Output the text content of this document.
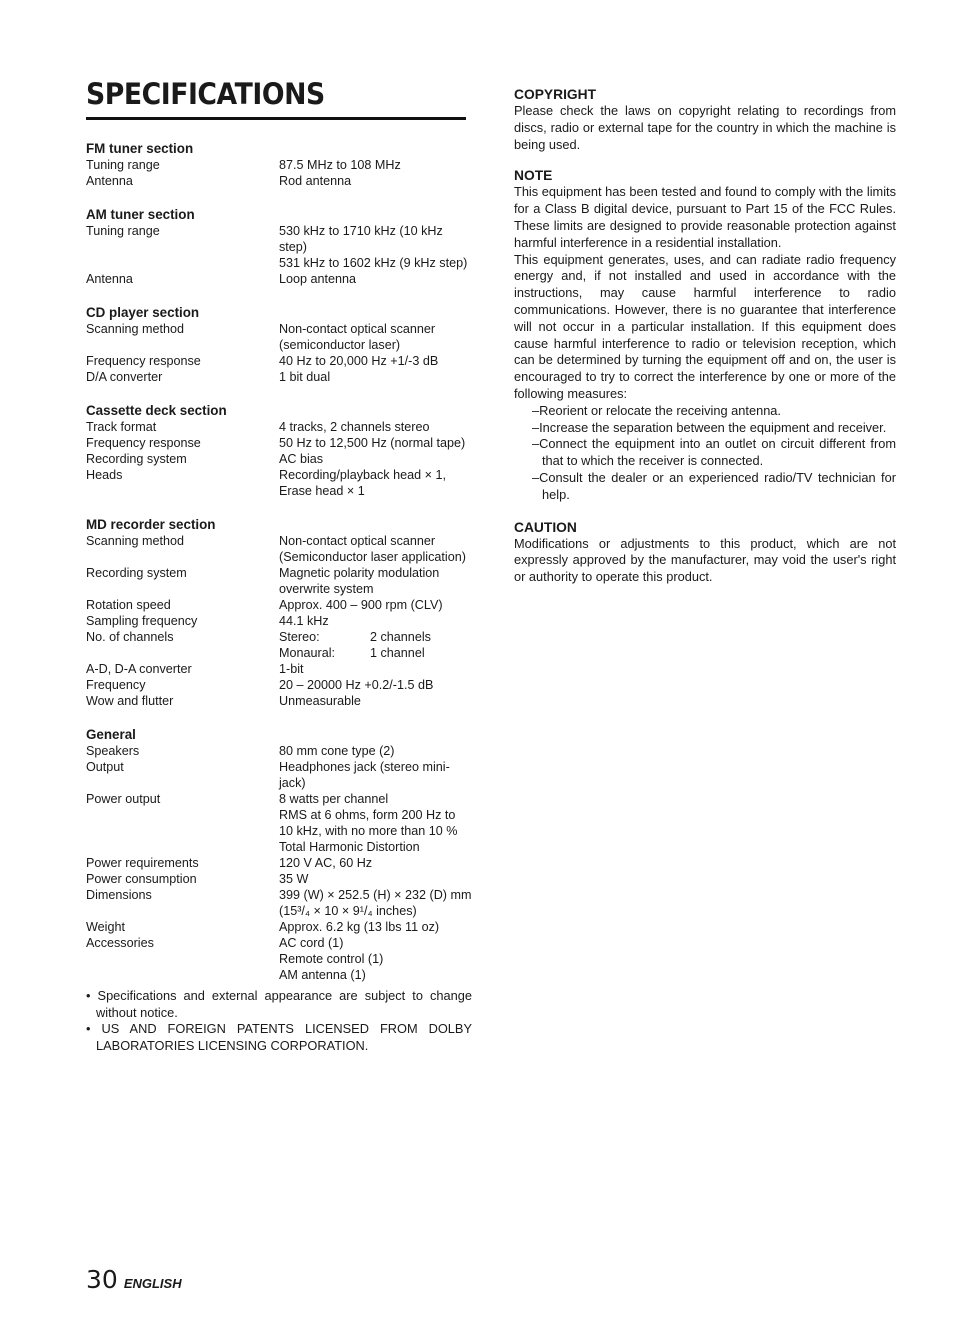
SPECIFICATIONS
FM tuner section
Tuning range	87.5 MHz to 108 MHz
Antenna	Rod antenna
AM tuner section
Tuning range	530 kHz to 1710 kHz (10 kHz step)
531 kHz to 1602 kHz (9 kHz step)
Antenna	Loop antenna
CD player section
Scanning method	Non-contact optical scanner (semiconductor laser)
Frequency response	40 Hz to 20,000 Hz +1/-3 dB
D/A converter	1 bit dual
Cassette deck section
Track format	4 tracks, 2 channels stereo
Frequency response	50 Hz to 12,500 Hz (normal tape)
Recording system	AC bias
Heads	Recording/playback head × 1,
Erase head × 1
MD recorder section
Scanning method	Non-contact optical scanner (Semiconductor laser application)
Recording system	Magnetic polarity modulation overwrite system
Rotation speed	Approx. 400 – 900 rpm (CLV)
Sampling frequency	44.1 kHz
No. of channels	Stereo:	2 channels
Monaural:	1 channel
A-D, D-A converter	1-bit
Frequency	20 – 20000 Hz +0.2/-1.5 dB
Wow and flutter	Unmeasurable
General
Speakers	80 mm cone type (2)
Output	Headphones jack (stereo mini-jack)
Power output	8 watts per channel
RMS at 6 ohms, form 200 Hz to 10 kHz, with no more than 10 % Total Harmonic Distortion
Power requirements	120 V AC, 60 Hz
Power consumption	35 W
Dimensions	399 (W) × 252.5 (H) × 232 (D) mm
(15³/₄ × 10 × 9¹/₄ inches)
Weight	Approx. 6.2 kg (13 lbs 11 oz)
Accessories	AC cord (1)
Remote control (1)
AM antenna (1)

• Specifications and external appearance are subject to change without notice.

• US AND FOREIGN PATENTS LICENSED FROM DOLBY LABORATORIES LICENSING CORPORATION.

COPYRIGHT

Please check the laws on copyright relating to recordings from discs, radio or external tape for the country in which the machine is being used.

NOTE

This equipment has been tested and found to comply with the limits for a Class B digital device, pursuant to Part 15 of the FCC Rules. These limits are designed to provide reasonable protection against harmful interference in a residential installation.

This equipment generates, uses, and can radiate radio frequency energy and, if not installed and used in accordance with the instructions, may cause harmful interference to radio communications. However, there is no guarantee that interference will not occur in a particular installation. If this equipment does cause harmful interference to radio or television reception, which can be determined by turning the equipment off and on, the user is encouraged to try to correct the interference by one or more of the following measures:

–Reorient or relocate the receiving antenna.

–Increase the separation between the equipment and receiver.

–Connect the equipment into an outlet on circuit different from that to which the receiver is connected.

–Consult the dealer or an experienced radio/TV technician for help.

CAUTION

Modifications or adjustments to this product, which are not expressly approved by the manufacturer, may void the user's right or authority to operate this product.

30 ENGLISH
